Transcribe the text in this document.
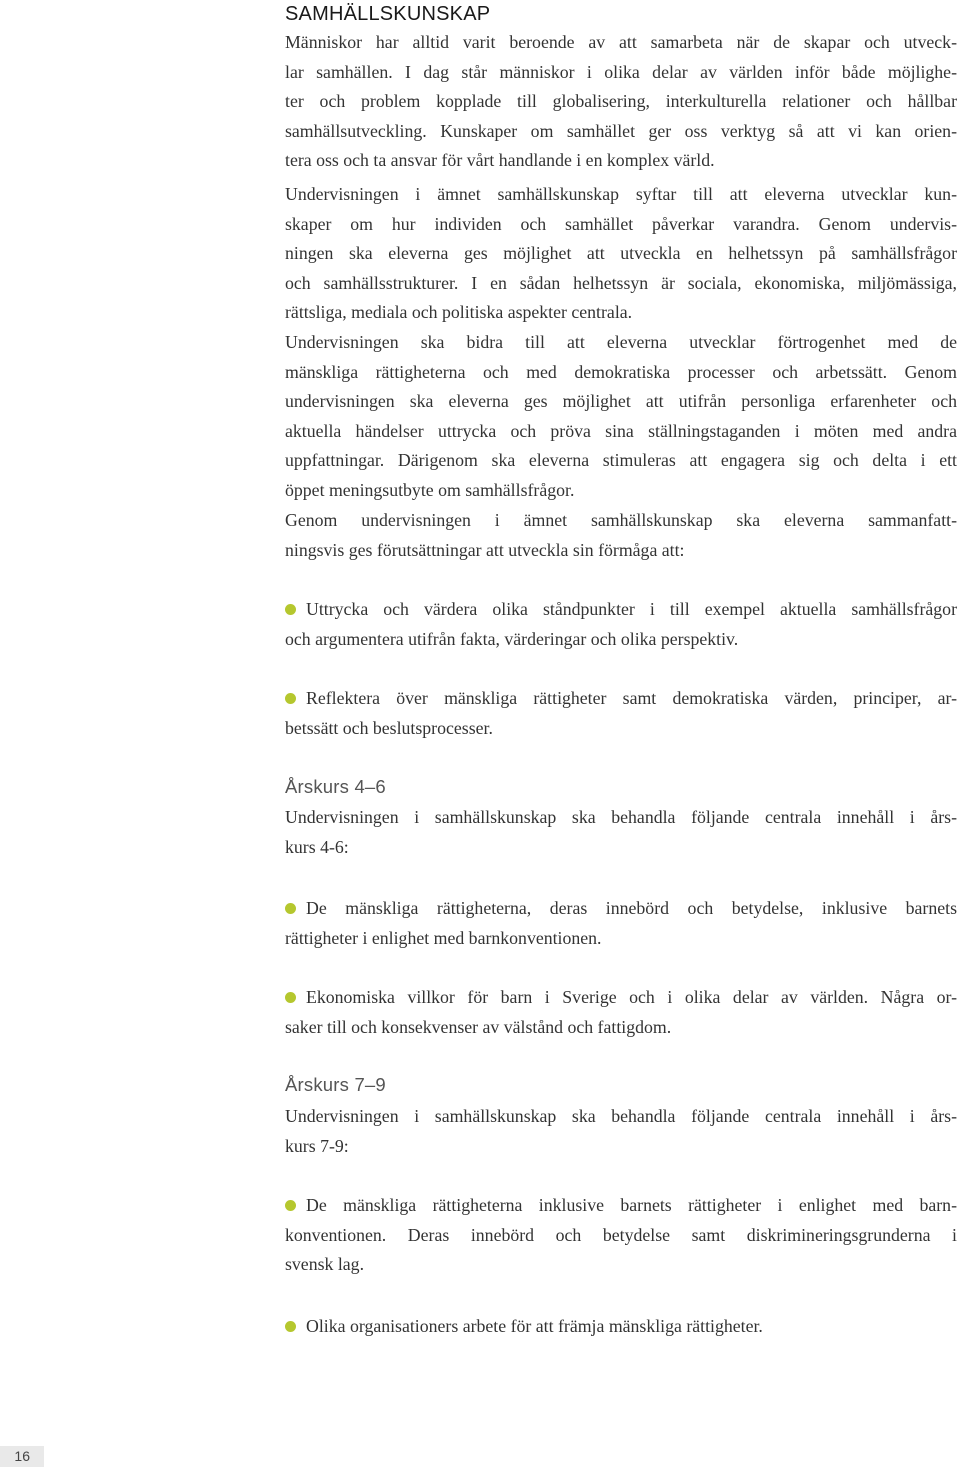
SAMHÄLLSKUNSKAP
Människor har alltid varit beroende av att samarbeta när de skapar och utveck-
lar samhällen. I dag står människor i olika delar av världen inför både möjlighe-
ter och problem kopplade till globalisering, interkulturella relationer och hållbar
samhällsutveckling. Kunskaper om samhället ger oss verktyg så att vi kan orien-
tera oss och ta ansvar för vårt handlande i en komplex värld.
Undervisningen i ämnet samhällskunskap syftar till att eleverna utvecklar kun-
skaper om hur individen och samhället påverkar varandra. Genom undervis-
ningen ska eleverna ges möjlighet att utveckla en helhetssyn på samhällsfrågor
och samhällsstrukturer. I en sådan helhetssyn är sociala, ekonomiska, miljömässiga,
rättsliga, mediala och politiska aspekter centrala.
Undervisningen ska bidra till att eleverna utvecklar förtrogenhet med de
mänskliga rättigheterna och med demokratiska processer och arbetssätt. Genom
undervisningen ska eleverna ges möjlighet att utifrån personliga erfarenheter och
aktuella händelser uttrycka och pröva sina ställningstaganden i möten med andra
uppfattningar. Därigenom ska eleverna stimuleras att engagera sig och delta i ett
öppet meningsutbyte om samhällsfrågor.
Genom undervisningen i ämnet samhällskunskap ska eleverna sammanfatt-
ningsvis ges förutsättningar att utveckla sin förmåga att:
Uttrycka och värdera olika ståndpunkter i till exempel aktuella samhällsfrågor
och argumentera utifrån fakta, värderingar och olika perspektiv.
Reflektera över mänskliga rättigheter samt demokratiska värden, principer, ar-
betssätt och beslutsprocesser.
Årskurs 4–6
Undervisningen i samhällskunskap ska behandla följande centrala innehåll i års-
kurs 4-6:
De mänskliga rättigheterna, deras innebörd och betydelse, inklusive barnets
rättigheter i enlighet med barnkonventionen.
Ekonomiska villkor för barn i Sverige och i olika delar av världen. Några or-
saker till och konsekvenser av välstånd och fattigdom.
Årskurs 7–9
Undervisningen i samhällskunskap ska behandla följande centrala innehåll i års-
kurs 7-9:
De mänskliga rättigheterna inklusive barnets rättigheter i enlighet med barn-
konventionen. Deras innebörd och betydelse samt diskrimineringsgrunderna i
svensk lag.
Olika organisationers arbete för att främja mänskliga rättigheter.
16
